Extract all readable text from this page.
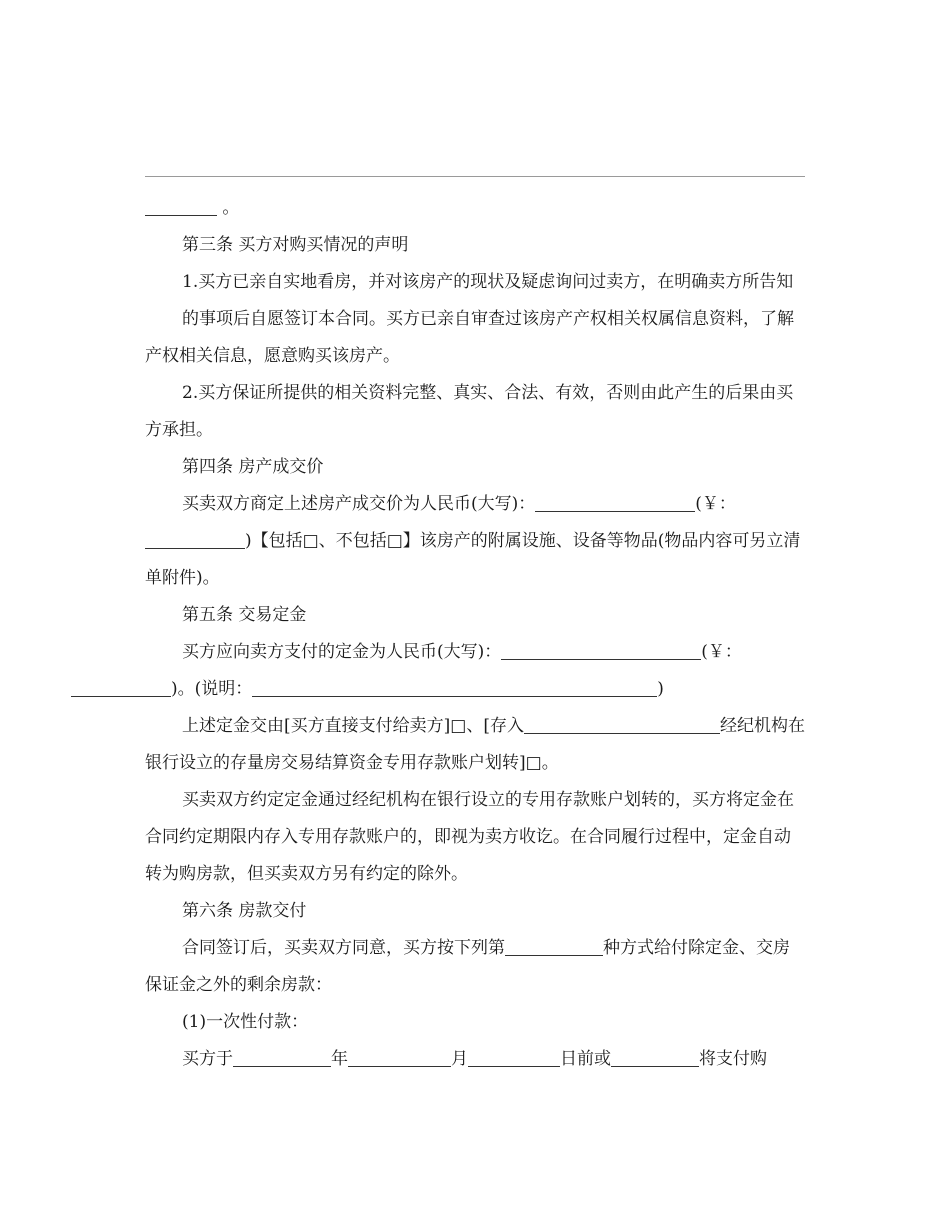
。

第三条 买方对购买情况的声明

1.买方已亲自实地看房，并对该房产的现状及疑虑询问过卖方，在明确卖方所告知

的事项后自愿签订本合同。买方已亲自审查过该房产产权相关权属信息资料，了解产权相关信息，愿意购买该房产。

2.买方保证所提供的相关资料完整、真实、合法、有效，否则由此产生的后果由买方承担。

第四条 房产成交价

买卖双方商定上述房产成交价为人民币(大写)：	(￥：
)【包括□、不包括□】该房产的附属设施、设备等物品(物品内容可另立清单附件)。

第五条 交易定金

买方应向卖方支付的定金为人民币(大写)：	(￥：
)。(说明：	)

上述定金交由[买方直接支付给卖方]□、[存入	经纪机构在银行设立的存量房交易结算资金专用存款账户划转]□。

买卖双方约定定金通过经纪机构在银行设立的专用存款账户划转的，买方将定金在合同约定期限内存入专用存款账户的，即视为卖方收讫。在合同履行过程中，定金自动转为购房款，但买卖双方另有约定的除外。

第六条 房款交付

合同签订后，买卖双方同意，买方按下列第	种方式给付除定金、交房保证金之外的剩余房款：

(1)一次性付款：

买方于	年	月	日前或	将支付购
